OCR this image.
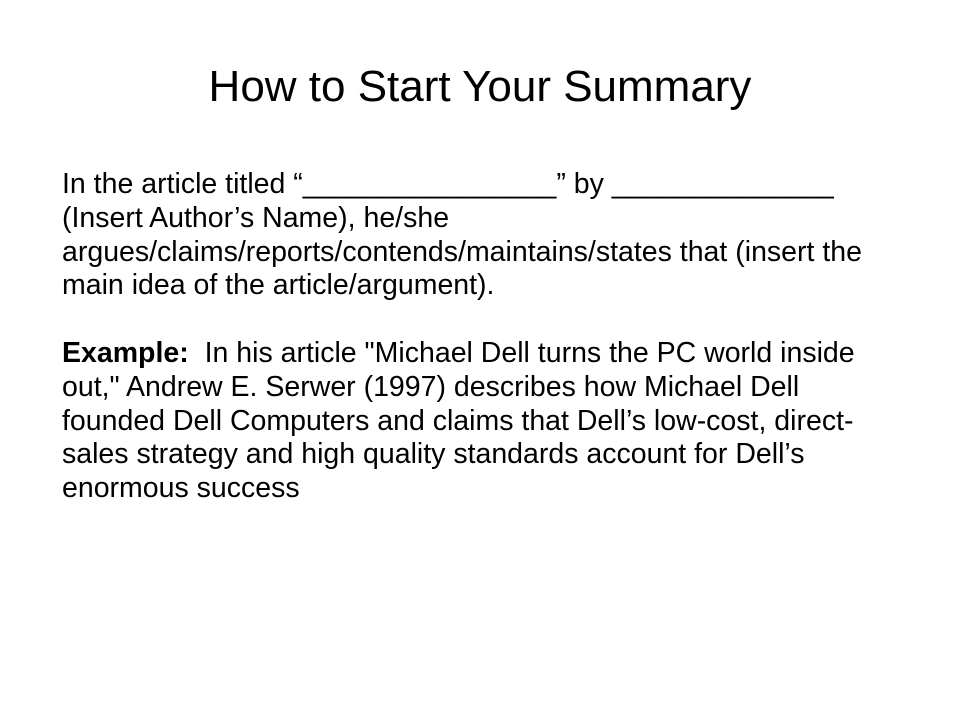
How to Start Your Summary

In the article titled “________________” by ______________ (Insert Author’s Name), he/she argues/claims/reports/contends/maintains/states that (insert the main idea of the article/argument).

Example:  In his article "Michael Dell turns the PC world inside out," Andrew E. Serwer (1997) describes how Michael Dell founded Dell Computers and claims that Dell’s low-cost, direct-sales strategy and high quality standards account for Dell’s enormous success
